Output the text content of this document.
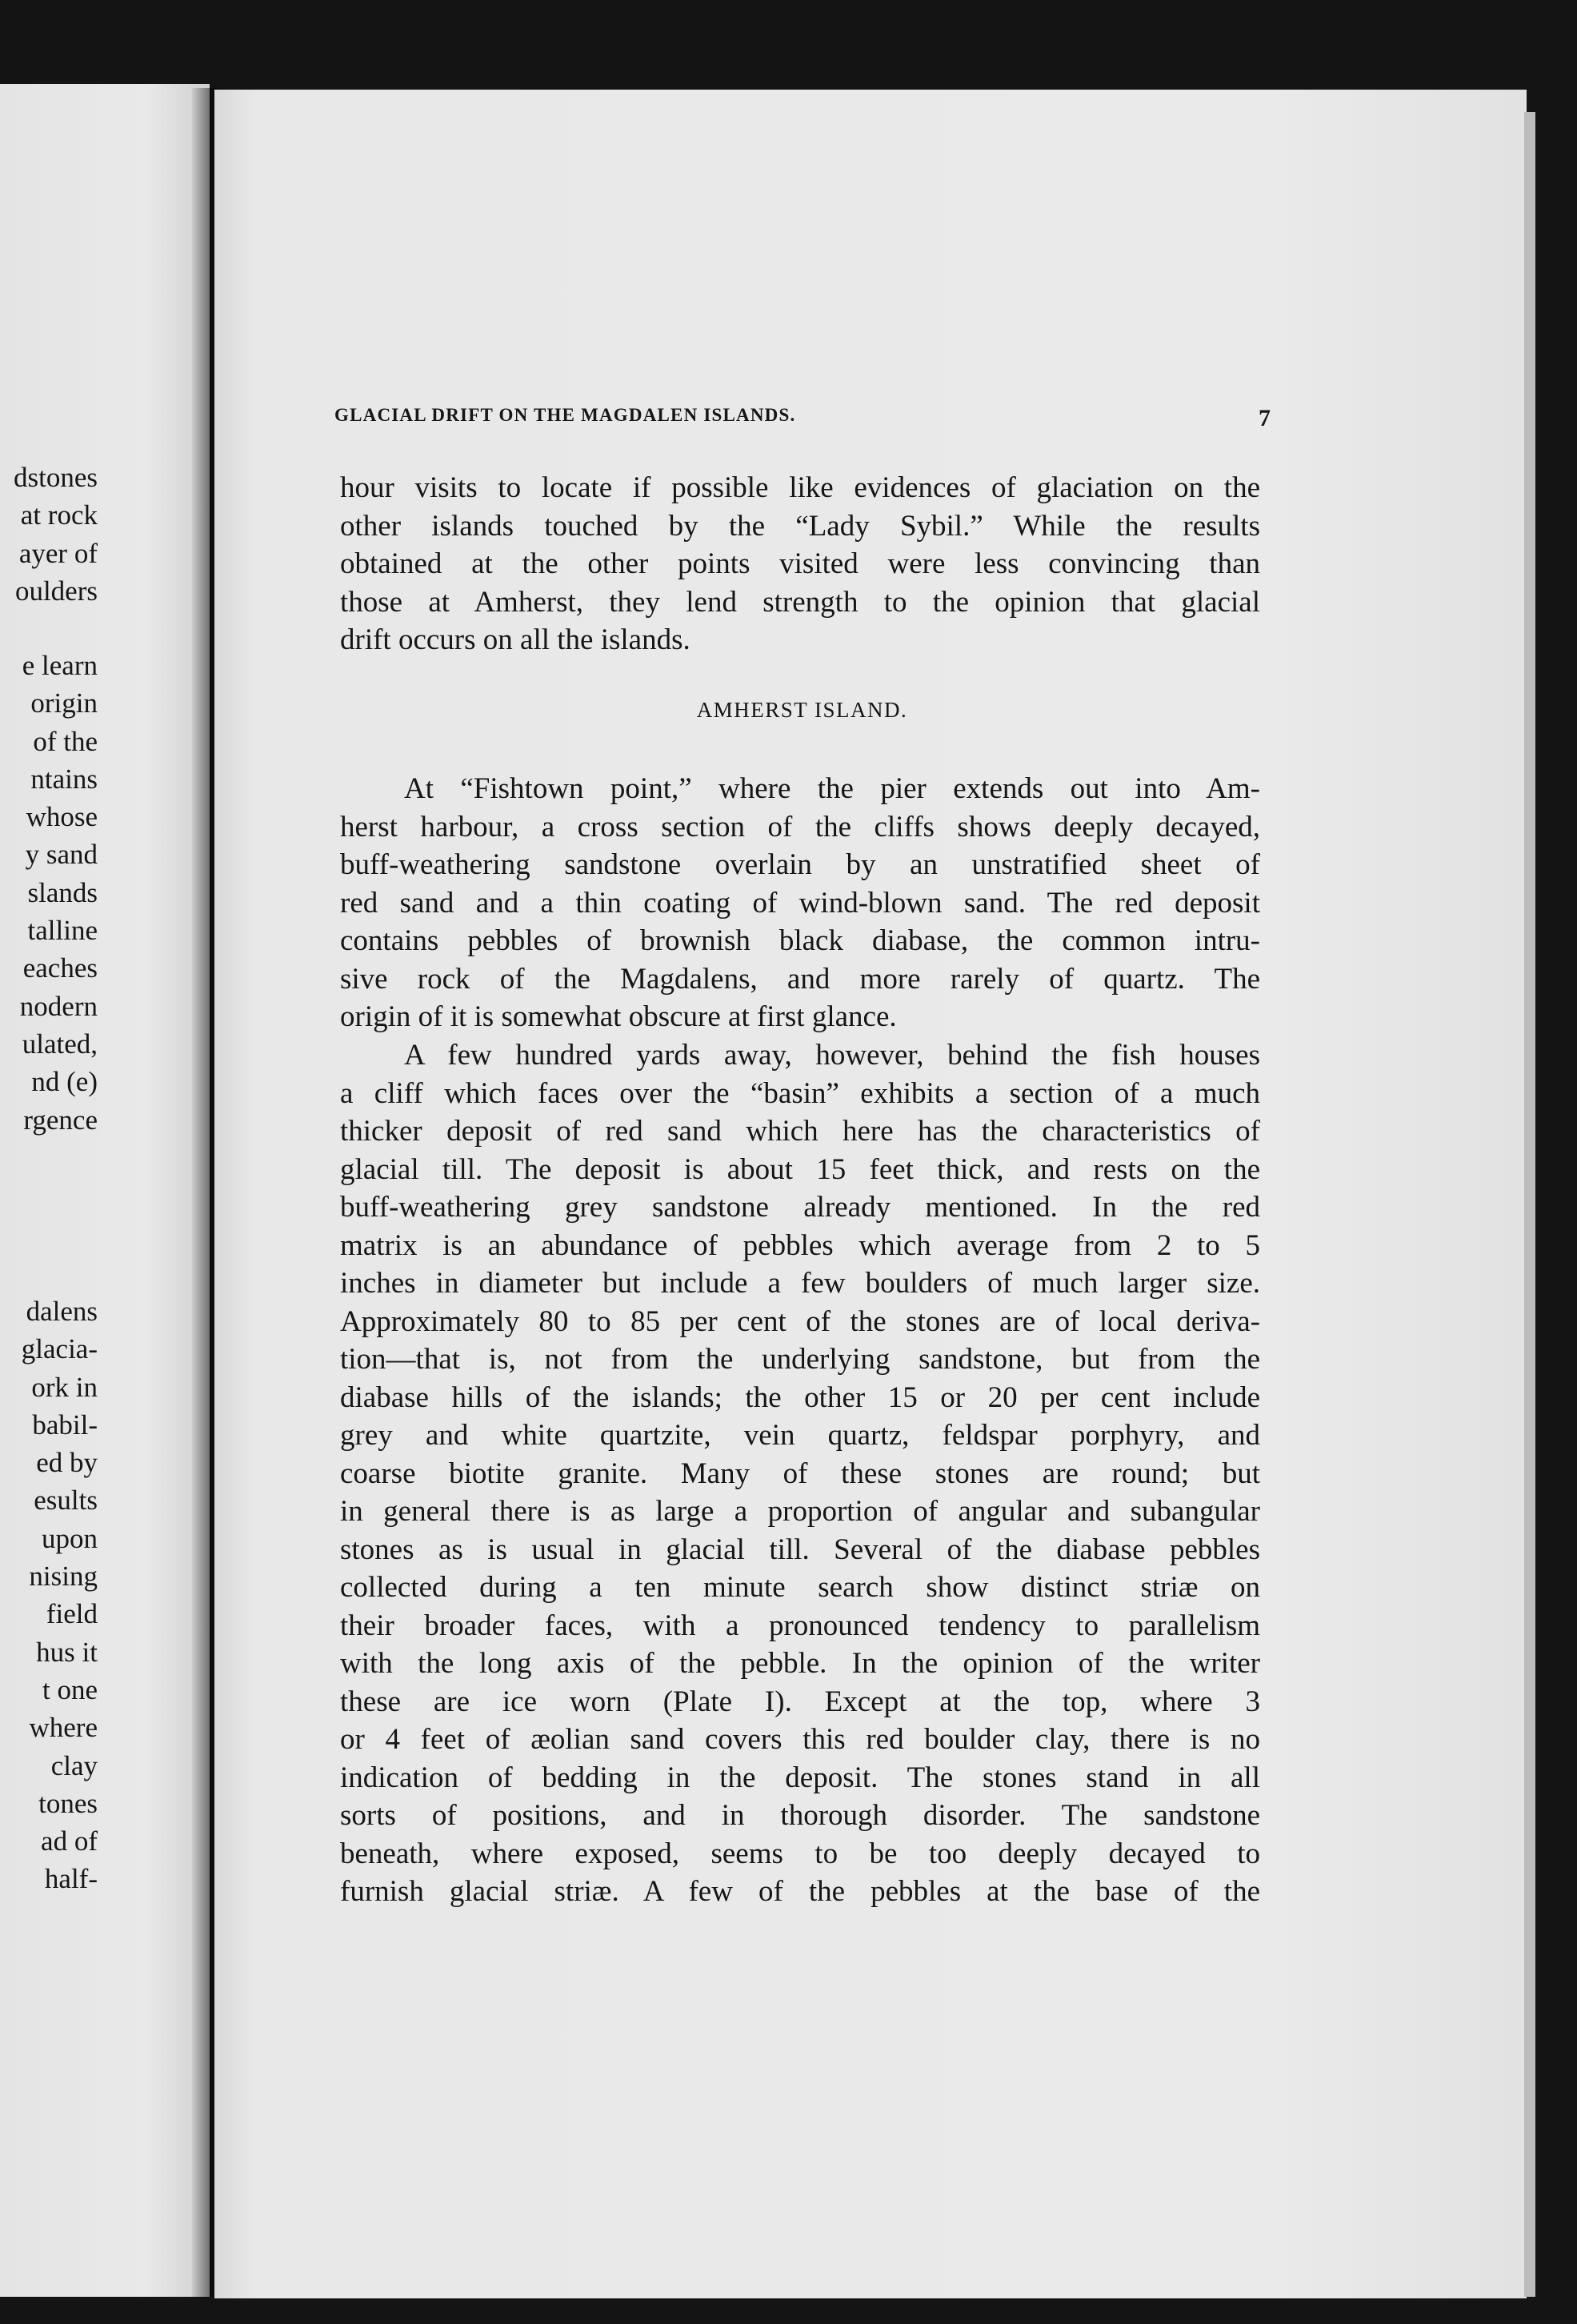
dstones
at rock
ayer of
oulders
e learn
origin
of the
ntains
whose
y sand
slands
talline
eaches
nodern
ulated,
nd (e)
rgence
dalens
glacia-
ork in
babil-
ed by
esults
upon
nising
field
hus it
t one
where
clay
tones
ad of
half-
GLACIAL DRIFT ON THE MAGDALEN ISLANDS.	7
hour visits to locate if possible like evidences of glaciation on the
other islands touched by the “Lady Sybil.” While the results
obtained at the other points visited were less convincing than
those at Amherst, they lend strength to the opinion that glacial
drift occurs on all the islands.
AMHERST ISLAND.
At “Fishtown point,” where the pier extends out into Am-
herst harbour, a cross section of the cliffs shows deeply decayed,
buff-weathering sandstone overlain by an unstratified sheet of
red sand and a thin coating of wind-blown sand. The red deposit
contains pebbles of brownish black diabase, the common intru-
sive rock of the Magdalens, and more rarely of quartz. The
origin of it is somewhat obscure at first glance.
A few hundred yards away, however, behind the fish houses
a cliff which faces over the “basin” exhibits a section of a much
thicker deposit of red sand which here has the characteristics of
glacial till. The deposit is about 15 feet thick, and rests on the
buff-weathering grey sandstone already mentioned. In the red
matrix is an abundance of pebbles which average from 2 to 5
inches in diameter but include a few boulders of much larger size.
Approximately 80 to 85 per cent of the stones are of local deriva-
tion—that is, not from the underlying sandstone, but from the
diabase hills of the islands; the other 15 or 20 per cent include
grey and white quartzite, vein quartz, feldspar porphyry, and
coarse biotite granite. Many of these stones are round; but
in general there is as large a proportion of angular and subangular
stones as is usual in glacial till. Several of the diabase pebbles
collected during a ten minute search show distinct striæ on
their broader faces, with a pronounced tendency to parallelism
with the long axis of the pebble. In the opinion of the writer
these are ice worn (Plate I). Except at the top, where 3
or 4 feet of æolian sand covers this red boulder clay, there is no
indication of bedding in the deposit. The stones stand in all
sorts of positions, and in thorough disorder. The sandstone
beneath, where exposed, seems to be too deeply decayed to
furnish glacial striæ. A few of the pebbles at the base of the
